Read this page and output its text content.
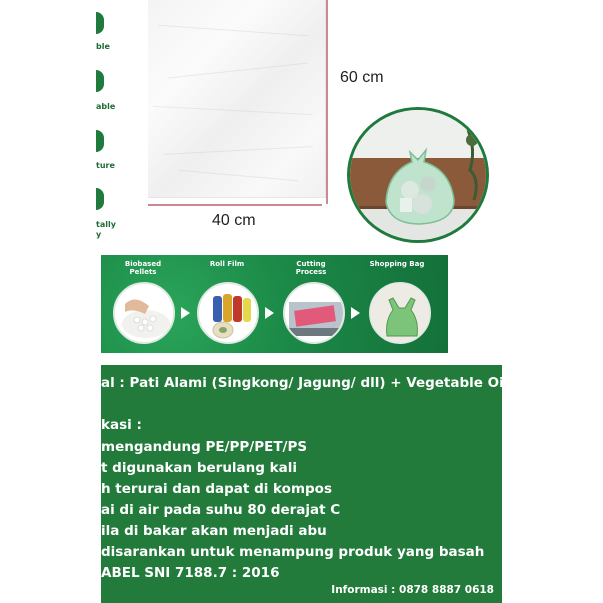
ble
able
ture
tally
y
40 cm
60 cm
Biobased
Pellets
Roll Film	Cutting Process
Shopping Bag
al : Pati Alami (Singkong/ Jagung/ dll) + Vegetable Oil
kasi :
mengandung PE/PP/PET/PS
t digunakan berulang kali
h terurai dan dapat di kompos
ai di air pada suhu 80 derajat C
ila di bakar akan menjadi abu
disarankan untuk menampung produk yang basah
ABEL SNI 7188.7 : 2016
Informasi : 0878 8887 0618
